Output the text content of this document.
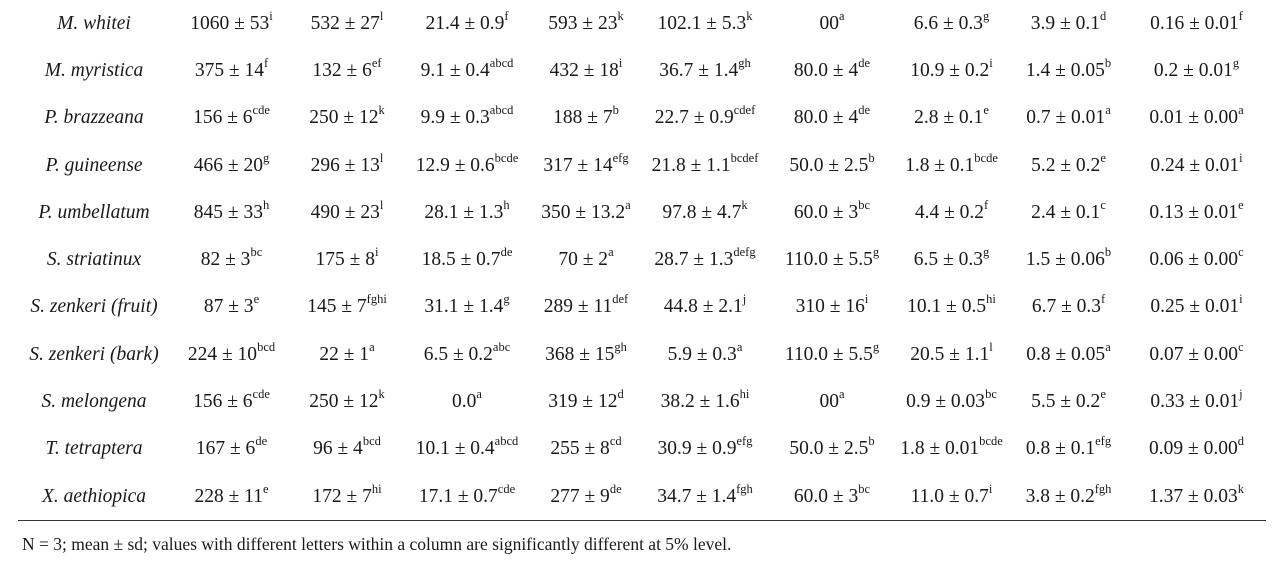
M. whitei	$1060 \pm 53^i$	$532 \pm 27^l$	21.4 ± 0.9$^f$	$593 \pm 23^k$	$102.1 \pm 5.3^k$	00$^a$	6.6 ± 0.3$^g$	3.9 ± 0.1$^d$	0.16 ± 0.01$^f$
M. myristica	$375 \pm 14^f$	$132 \pm 6^{ef}$	$9.1 \pm 0.4^{abcd}$	$432 \pm 18^i$	36.7 ± 1.4$^{gh}$	80.0 ± 4de	$10.9 \pm 0.2^i$	1.4 ± 0.05$^b$	0.2 ± 0.01$^g$
P. brazzeana	$156 \pm 6^{cde}$	$250 \pm 12^k$	$9.9 \pm 0.3^{abcd}$	$188 \pm 7^b$	$22.7 \pm 0.9^{cdef}$	80.0 ± 4de	2.8 ± 0.1$^e$	0.7 ± 0.01$^a$	0.01 ± 0.00$^a$
P. guineense	$466 \pm 20^g$	$296 \pm 13^l$	$12.9 \pm 0.6^{bcde}$	$317 \pm 14^{efg}$	$21.8 \pm 1.1^{bcdef}$	50.0 ± 2.5$^b$	$1.8 \pm 0.1^{bcde}$	5.2 ± 0.2$^e$	$0.24 \pm 0.01^i$
P. umbellatum	$845 \pm 33^h$	$490 \pm 23^l$	28.1 ± 1.3$^h$	350 ± 13.2$^a$	$97.8 \pm 4.7^k$	$60.0 \pm 3^{bc}$	4.4 ± 0.2$^f$	2.4 ± 0.1$^c$	0.13 ± 0.01$^e$
S. striatinux	$82 \pm 3^{bc}$	$175 \pm 8^i$	18.5 ± 0.7de	$70 \pm 2^a$	$28.7 \pm 1.3^{defg}$	110.0 ± 5.5$^g$	6.5 ± 0.3$^g$	1.5 ± 0.06$^b$	0.06 ± 0.00$^c$
S. zenkeri (fruit)	$87 \pm 3^e$	$145 \pm 7^{fghi}$	31.1 ± 1.4$^g$	$289 \pm 11^{def}$	$44.8 \pm 2.1^j$	$310 \pm 16^i$	$10.1 \pm 0.5^{hi}$	6.7 ± 0.3$^f$	$0.25 \pm 0.01^i$
S. zenkeri (bark)	$224 \pm 10^{bcd}$	$22 \pm 1^a$	6.5 ± 0.2$^{abc}$	$368 \pm 15^{gh}$	5.9 ± 0.3$^a$	110.0 ± 5.5$^g$	$20.5 \pm 1.1^l$	0.8 ± 0.05$^a$	0.07 ± 0.00$^c$
S. melongena	$156 \pm 6^{cde}$	$250 \pm 12^k$	0.0$^a$	$319 \pm 12^d$	$38.2 \pm 1.6^{hi}$	00$^a$	0.9 ± 0.03$^{bc}$	5.5 ± 0.2$^e$	$0.33 \pm 0.01^j$
T. tetraptera	167 ± 6de	$96 \pm 4^{bcd}$	$10.1 \pm 0.4^{abcd}$	$255 \pm 8^{cd}$	30.9 ± 0.9$^{efg}$	50.0 ± 2.5$^b$	$1.8 \pm 0.01^{bcde}$	0.8 ± 0.1$^{efg}$	0.09 ± 0.00$^d$
X. aethiopica	$228 \pm 11^e$	$172 \pm 7^{hi}$	17.1 ± 0.7$^{cde}$	277 ± 9de	34.7 ± 1.4$^{fgh}$	$60.0 \pm 3^{bc}$	$11.0 \pm 0.7^i$	3.8 ± 0.2$^{fgh}$	$1.37 \pm 0.03^k$
N = 3; mean ± sd; values with different letters within a column are significantly different at 5% level.
